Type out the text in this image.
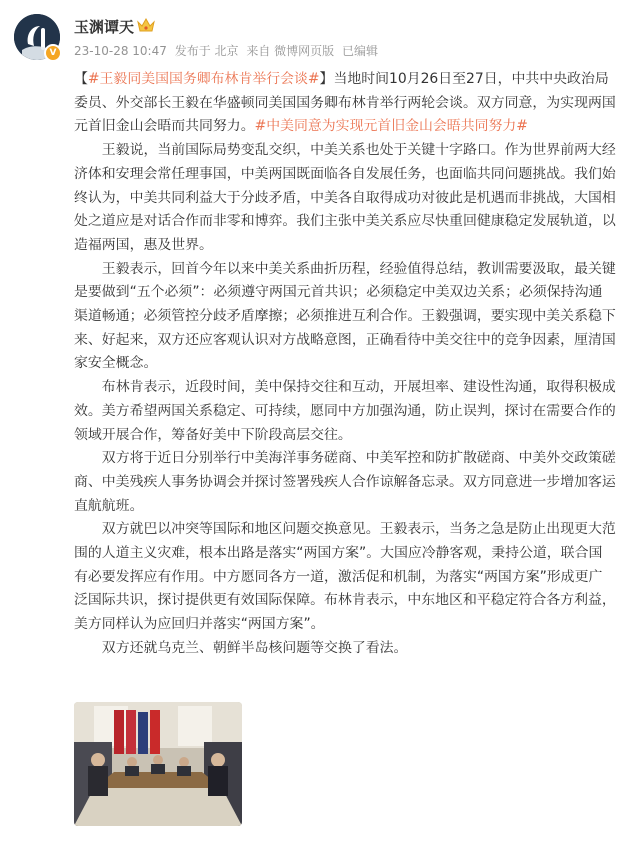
V
玉渊谭天
23-10-28 10:47 发布于 北京 来自 微博网页版 已编辑

【#王毅同美国国务卿布林肯举行会谈#】当地时间10月26日至27日，中共中央政治局委员、外交部长王毅在华盛顿同美国国务卿布林肯举行两轮会谈。双方同意，为实现两国元首旧金山会晤而共同努力。#中美同意为实现元首旧金山会晤共同努力#

王毅说，当前国际局势变乱交织，中美关系也处于关键十字路口。作为世界前两大经济体和安理会常任理事国，中美两国既面临各自发展任务，也面临共同问题挑战。我们始终认为，中美共同利益大于分歧矛盾，中美各自取得成功对彼此是机遇而非挑战，大国相处之道应是对话合作而非零和博弈。我们主张中美关系应尽快重回健康稳定发展轨道，以造福两国，惠及世界。

王毅表示，回首今年以来中美关系曲折历程，经验值得总结，教训需要汲取，最关键是要做到“五个必须”：必须遵守两国元首共识；必须稳定中美双边关系；必须保持沟通渠道畅通；必须管控分歧矛盾摩擦；必须推进互利合作。王毅强调，要实现中美关系稳下来、好起来，双方还应客观认识对方战略意图，正确看待中美交往中的竞争因素，厘清国家安全概念。

布林肯表示，近段时间，美中保持交往和互动，开展坦率、建设性沟通，取得积极成效。美方希望两国关系稳定、可持续，愿同中方加强沟通，防止误判，探讨在需要合作的领域开展合作，筹备好美中下阶段高层交往。

双方将于近日分别举行中美海洋事务磋商、中美军控和防扩散磋商、中美外交政策磋商、中美残疾人事务协调会并探讨签署残疾人合作谅解备忘录。双方同意进一步增加客运直航航班。

双方就巴以冲突等国际和地区问题交换意见。王毅表示，当务之急是防止出现更大范围的人道主义灾难，根本出路是落实“两国方案”。大国应冷静客观，秉持公道，联合国有必要发挥应有作用。中方愿同各方一道，激活促和机制，为落实“两国方案”形成更广泛国际共识，探讨提供更有效国际保障。布林肯表示，中东地区和平稳定符合各方利益，美方同样认为应回归并落实“两国方案”。

双方还就乌克兰、朝鲜半岛核问题等交换了看法。
